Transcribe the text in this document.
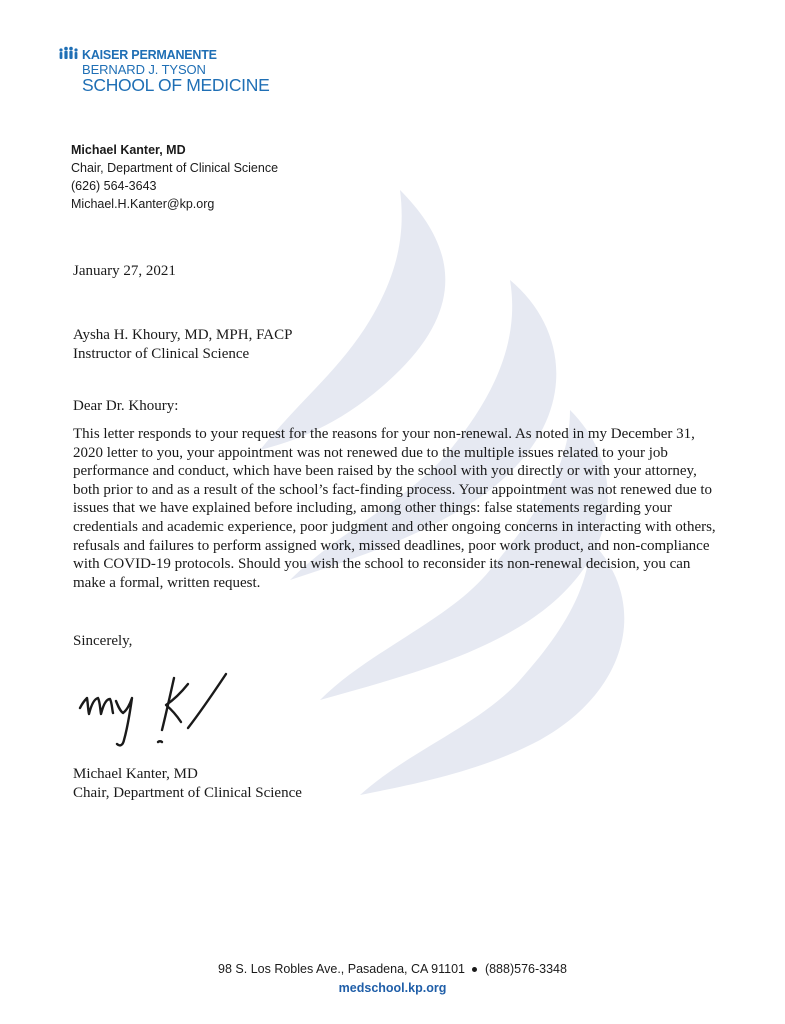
KAISER PERMANENTE
BERNARD J. TYSON
SCHOOL OF MEDICINE
Michael Kanter, MD
Chair, Department of Clinical Science
(626) 564-3643
Michael.H.Kanter@kp.org
January 27, 2021
Aysha H. Khoury, MD, MPH, FACP
Instructor of Clinical Science
Dear Dr. Khoury:

This letter responds to your request for the reasons for your non-renewal. As noted in my December 31, 2020 letter to you, your appointment was not renewed due to the multiple issues related to your job performance and conduct, which have been raised by the school with you directly or with your attorney, both prior to and as a result of the school’s fact-finding process. Your appointment was not renewed due to issues that we have explained before including, among other things: false statements regarding your credentials and academic experience, poor judgment and other ongoing concerns in interacting with others, refusals and failures to perform assigned work, missed deadlines, poor work product, and non-compliance with COVID-19 protocols. Should you wish the school to reconsider its non-renewal decision, you can make a formal, written request.

Sincerely,
Michael Kanter, MD
Chair, Department of Clinical Science
98 S. Los Robles Ave., Pasadena, CA 91101 (888)576-3348
medschool.kp.org
